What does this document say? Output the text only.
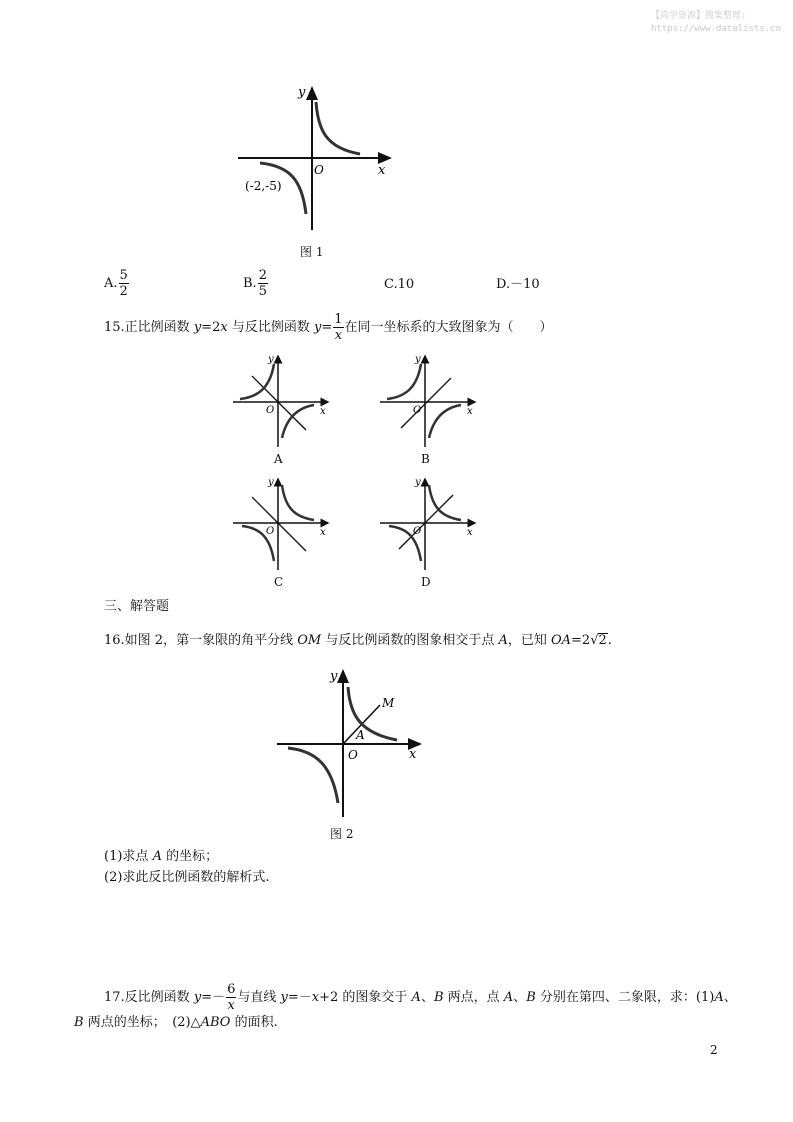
【尚学资源】搜集整理:
https://www.datalists.cn
y
x
O
(-2,-5)
图 1
A. $\frac{5}{2}$	B. $\frac{2}{5}$	C.10	D.－10
15.正比例函数 y=2x 与反比例函数 $y= \frac{1}{x}$ 在同一坐标系的大致图象为（　　）
y
x
O
A
y
x
O
B
y
x
O
C
y
x
O
D
三、解答题
16.如图 2，第一象限的角平分线 OM 与反比例函数的图象相交于点 A，已知 OA=2√2.
y
x
O
M
A
图 2
(1)求点 A 的坐标；
(2)求此反比例函数的解析式.
17.反比例函数 $y=- \frac{6}{x}$ 与直线 y=－x+2 的图象交于 A、B 两点，点 A、B 分别在第四、二象限，求：(1)A、
B 两点的坐标；　(2)△ABO 的面积.
2
